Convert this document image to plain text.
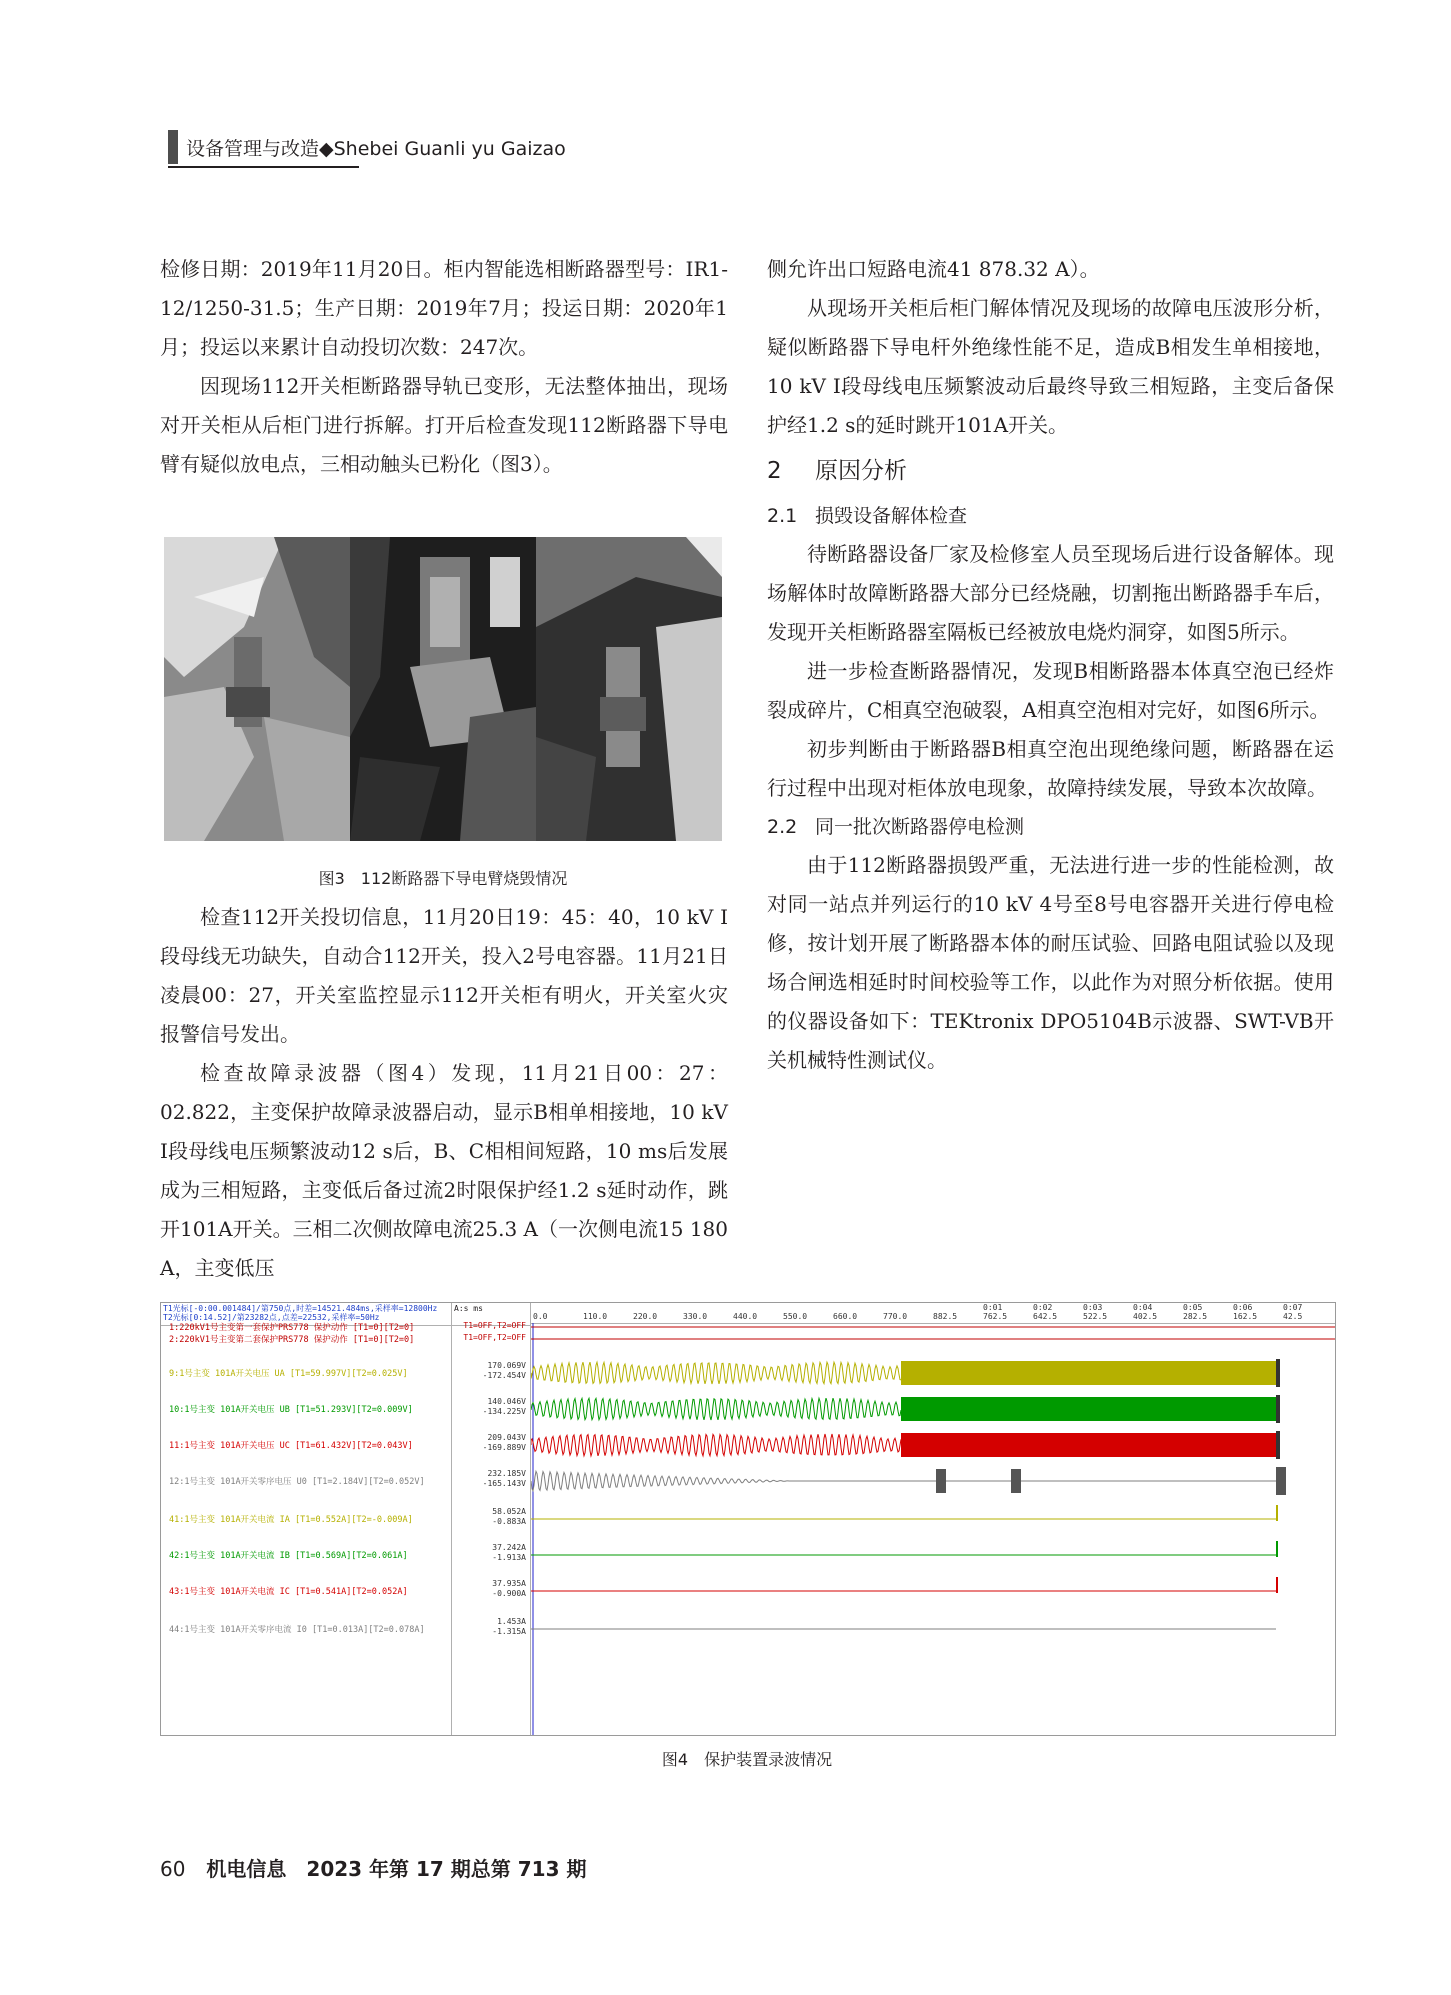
设备管理与改造◆Shebei Guanli yu Gaizao

检修日期：2019年11月20日。柜内智能选相断路器型号：IR1-12/1250-31.5；生产日期：2019年7月；投运日期：2020年1月；投运以来累计自动投切次数：247次。

因现场112开关柜断路器导轨已变形，无法整体抽出，现场对开关柜从后柜门进行拆解。打开后检查发现112断路器下导电臂有疑似放电点，三相动触头已粉化（图3）。

图3　112断路器下导电臂烧毁情况

检查112开关投切信息，11月20日19：45：40，10 kV Ⅰ段母线无功缺失，自动合112开关，投入2号电容器。11月21日凌晨00：27，开关室监控显示112开关柜有明火，开关室火灾报警信号发出。

检查故障录波器（图4）发现，11月21日00：27：02.822，主变保护故障录波器启动，显示B相单相接地，10 kV Ⅰ段母线电压频繁波动12 s后，B、C相相间短路，10 ms后发展成为三相短路，主变低后备过流2时限保护经1.2 s延时动作，跳开101A开关。三相二次侧故障电流25.3 A（一次侧电流15 180 A，主变低压

侧允许出口短路电流41 878.32 A）。

从现场开关柜后柜门解体情况及现场的故障电压波形分析，疑似断路器下导电杆外绝缘性能不足，造成B相发生单相接地，10 kV Ⅰ段母线电压频繁波动后最终导致三相短路，主变后备保护经1.2 s的延时跳开101A开关。

2 原因分析
2.1 损毁设备解体检查

待断路器设备厂家及检修室人员至现场后进行设备解体。现场解体时故障断路器大部分已经烧融，切割拖出断路器手车后，发现开关柜断路器室隔板已经被放电烧灼洞穿，如图5所示。

进一步检查断路器情况，发现B相断路器本体真空泡已经炸裂成碎片，C相真空泡破裂，A相真空泡相对完好，如图6所示。

初步判断由于断路器B相真空泡出现绝缘问题，断路器在运行过程中出现对柜体放电现象，故障持续发展，导致本次故障。

2.2 同一批次断路器停电检测

由于112断路器损毁严重，无法进行进一步的性能检测，故对同一站点并列运行的10 kV 4号至8号电容器开关进行停电检修，按计划开展了断路器本体的耐压试验、回路电阻试验以及现场合闸选相延时时间校验等工作，以此作为对照分析依据。使用的仪器设备如下：TEKtronix DPO5104B示波器、SWT-VB开关机械特性测试仪。

T1光标[-0:00.001484]/第750点,时差=14521.484ms,采样率=12800Hz
T2光标[0:14.52]/第23282点,点差=22532,采样率=50Hz
1:220kV1号主变第一套保护PRS778 保护动作 [T1=0][T2=0]
2:220kV1号主变第二套保护PRS778 保护动作 [T1=0][T2=0]
9:1号主变 101A开关电压 UA [T1=59.997V][T2=0.025V]
10:1号主变 101A开关电压 UB [T1=51.293V][T2=0.009V]
11:1号主变 101A开关电压 UC [T1=61.432V][T2=0.043V]
12:1号主变 101A开关零序电压 U0 [T1=2.184V][T2=0.052V]
41:1号主变 101A开关电流 IA [T1=0.552A][T2=-0.009A]
42:1号主变 101A开关电流 IB [T1=0.569A][T2=0.061A]
43:1号主变 101A开关电流 IC [T1=0.541A][T2=0.052A]
44:1号主变 101A开关零序电流 I0 [T1=0.013A][T2=0.078A]
A:s ms
T1=OFF,T2=OFF
T1=OFF,T2=OFF
170.069V
-172.454V
140.046V
-134.225V
209.043V
-169.889V
232.185V
-165.143V
58.052A
-0.883A
37.242A
-1.913A
37.935A
-0.900A
1.453A
-1.315A
0.0	110.0	220.0	330.0	440.0	550.0	660.0	770.0	882.5
0:01
762.5
0:02
642.5
0:03
522.5
0:04
402.5
0:05
282.5
0:06
162.5
0:07
42.5
图4　保护装置录波情况
60 机电信息　2023 年第 17 期总第 713 期
